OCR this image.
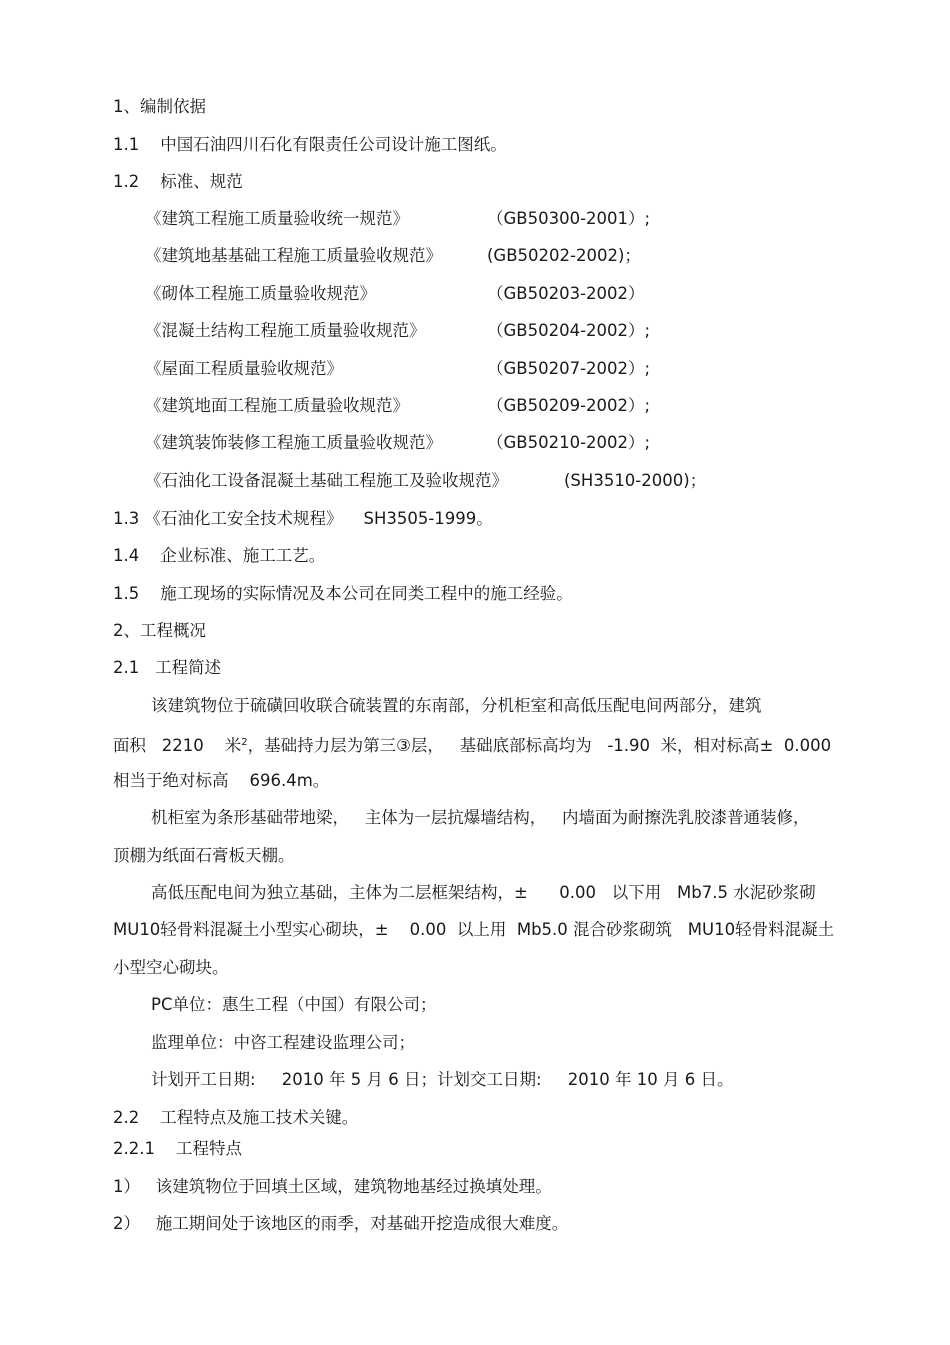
1、编制依据
1.1    中国石油四川石化有限责任公司设计施工图纸。
1.2    标准、规范
《建筑工程施工质量验收统一规范》	（GB50300-2001）;
《建筑地基基础工程施工质量验收规范》	(GB50202-2002)；
《砌体工程施工质量验收规范》	（GB50203-2002）
《混凝土结构工程施工质量验收规范》	（GB50204-2002）;
《屋面工程质量验收规范》	（GB50207-2002）;
《建筑地面工程施工质量验收规范》	（GB50209-2002）;
《建筑装饰装修工程施工质量验收规范》	（GB50210-2002）;
《石油化工设备混凝土基础工程施工及验收规范》	(SH3510-2000)；
1.3 《石油化工安全技术规程》    SH3505-1999。
1.4    企业标准、施工工艺。
1.5    施工现场的实际情况及本公司在同类工程中的施工经验。
2、工程概况
2.1   工程简述
该建筑物位于硫磺回收联合硫装置的东南部，分机柜室和高低压配电间两部分，建筑
面积   2210    米$^2$，基础持力层为第三③层，   基础底部标高均为   -1.90  米，相对标高±  0.000
相当于绝对标高    696.4m。
机柜室为条形基础带地梁，   主体为一层抗爆墙结构，   内墙面为耐擦洗乳胶漆普通装修，
顶棚为纸面石膏板天棚。
高低压配电间为独立基础，主体为二层框架结构，±      0.00   以下用   Mb7.5 水泥砂浆砌
MU10轻骨料混凝土小型实心砌块，±    0.00  以上用  Mb5.0 混合砂浆砌筑   MU10轻骨料混凝土
小型空心砌块。
PC单位：惠生工程（中国）有限公司；
监理单位：中咨工程建设监理公司；
计划开工日期:     2010 年 5 月 6 日；计划交工日期:     2010 年 10 月 6 日。
2.2    工程特点及施工技术关键。
2.2.1    工程特点
1）   该建筑物位于回填土区域，建筑物地基经过换填处理。
2）   施工期间处于该地区的雨季，对基础开挖造成很大难度。
